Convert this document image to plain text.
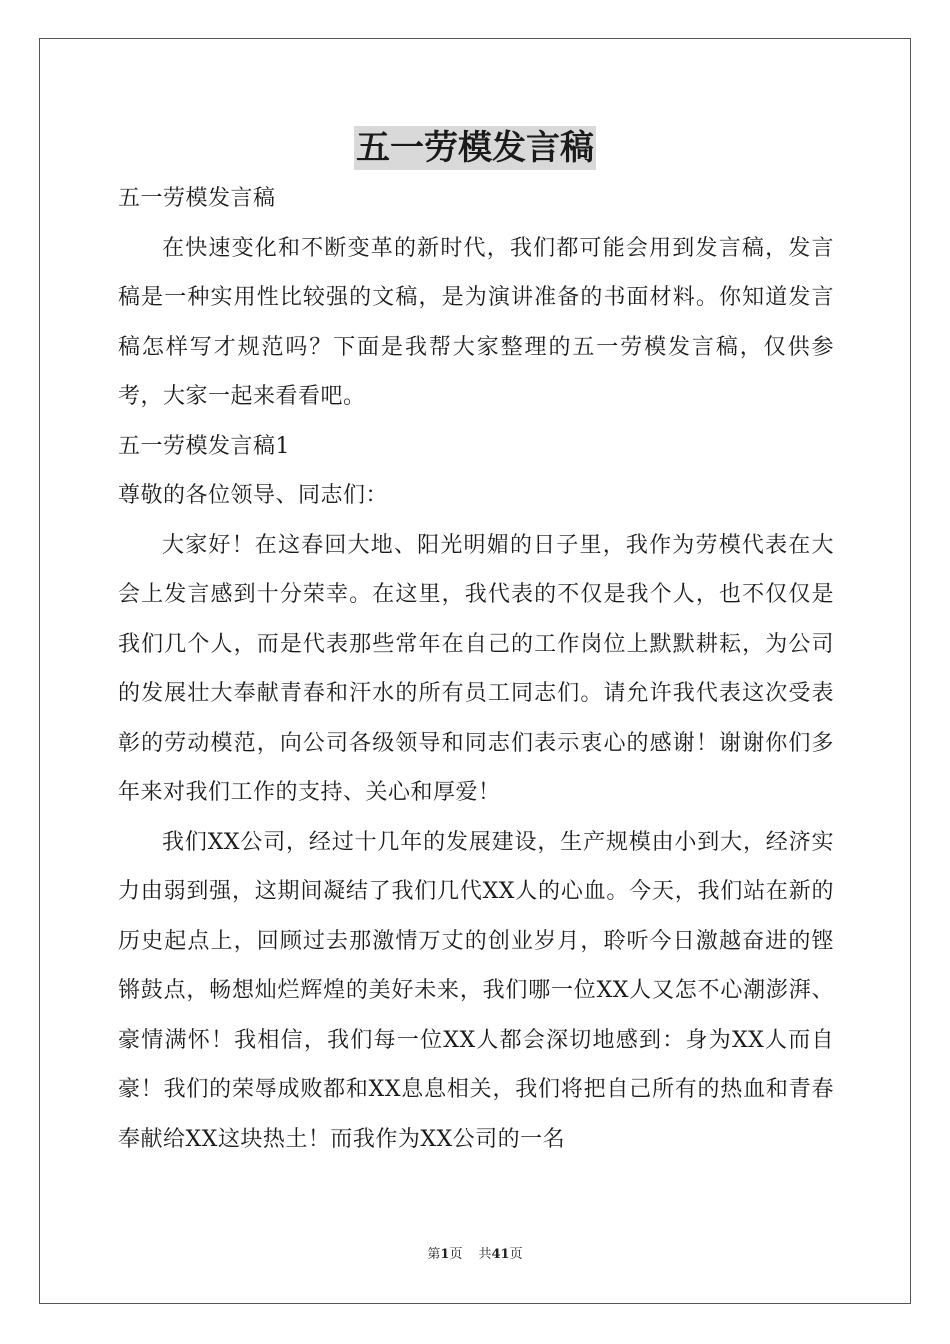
五一劳模发言稿

五一劳模发言稿

在快速变化和不断变革的新时代，我们都可能会用到发言稿，发言稿是一种实用性比较强的文稿，是为演讲准备的书面材料。你知道发言稿怎样写才规范吗？下面是我帮大家整理的五一劳模发言稿，仅供参考，大家一起来看看吧。

五一劳模发言稿1

尊敬的各位领导、同志们：

大家好！在这春回大地、阳光明媚的日子里，我作为劳模代表在大会上发言感到十分荣幸。在这里，我代表的不仅是我个人，也不仅仅是我们几个人，而是代表那些常年在自己的工作岗位上默默耕耘，为公司的发展壮大奉献青春和汗水的所有员工同志们。请允许我代表这次受表彰的劳动模范，向公司各级领导和同志们表示衷心的感谢！谢谢你们多年来对我们工作的支持、关心和厚爱！

我们XX公司，经过十几年的发展建设，生产规模由小到大，经济实力由弱到强，这期间凝结了我们几代XX人的心血。今天，我们站在新的历史起点上，回顾过去那激情万丈的创业岁月，聆听今日激越奋进的铿锵鼓点，畅想灿烂辉煌的美好未来，我们哪一位XX人又怎不心潮澎湃、豪情满怀！我相信，我们每一位XX人都会深切地感到：身为XX人而自豪！我们的荣辱成败都和XX息息相关，我们将把自己所有的热血和青春奉献给XX这块热土！而我作为XX公司的一名

第1页 共41页
